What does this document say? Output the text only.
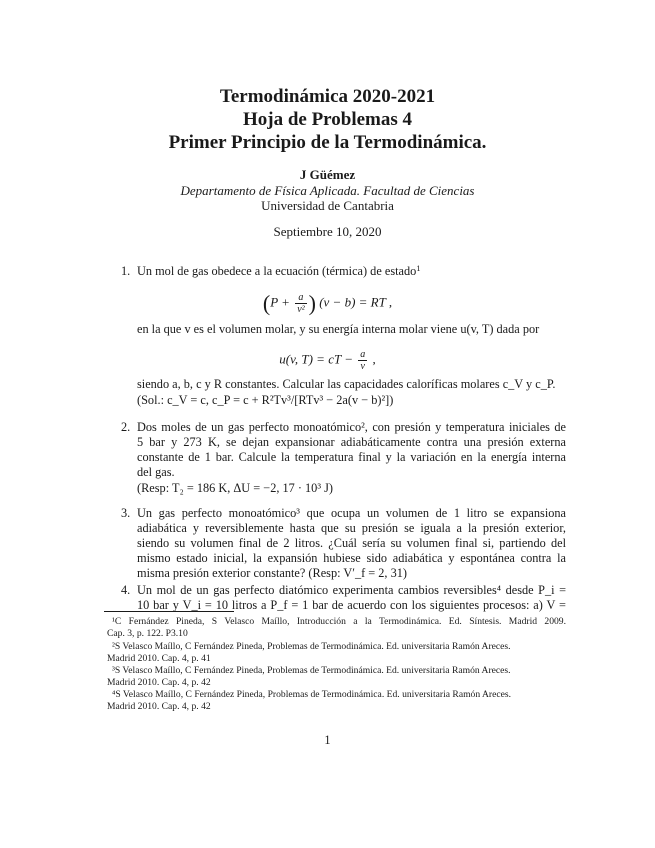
Termodinámica 2020-2021
Hoja de Problemas 4
Primer Principio de la Termodinámica.
J Güémez
Departamento de Física Aplicada. Facultad de Ciencias
Universidad de Cantabria
Septiembre 10, 2020
1. Un mol de gas obedece a la ecuación (térmica) de estado$^1$
($P + \frac{a}{\text{v²}}$ ) (v − b) = RT ,
en la que v es el volumen molar, y su energía interna molar viene u(v, T) dada por
u(v, T) = cT − $\frac{a}{v}$ ,
siendo a, b, c y R constantes. Calcular las capacidades caloríficas molares c_V y c_P.
(Sol.: c_V = c, c_P = c + R²Tv³/[RTv³ − 2a(v − b)²])
2. Dos moles de un gas perfecto monoatómico², con presión y temperatura iniciales de
5 bar y 273 K, se dejan expansionar adiabáticamente contra una presión externa
constante de 1 bar. Calcule la temperatura final y la variación en la energía interna
del gas.
(Resp: T₂ = 186 K, ΔU = −2, 17 · 10³ J)
3. Un gas perfecto monoatómico³ que ocupa un volumen de 1 litro se expansiona
adiabática y reversiblemente hasta que su presión se iguala a la presión exterior,
siendo su volumen final de 2 litros. ¿Cuál sería su volumen final si, partiendo del
mismo estado inicial, la expansión hubiese sido adiabática y espontánea contra la
misma presión exterior constante? (Resp: V′_f = 2, 31)
4. Un mol de un gas perfecto diatómico experimenta cambios reversibles⁴ desde P_i =
10 bar y V_i = 10 litros a P_f = 1 bar de acuerdo con los siguientes procesos: a) V =
¹C Fernández Pineda, S Velasco Maíllo, Introducción a la Termodinámica. Ed. Síntesis. Madrid 2009.
Cap. 3, p. 122. P3.10
²S Velasco Maíllo, C Fernández Pineda, Problemas de Termodinámica. Ed. universitaria Ramón Areces.
Madrid 2010. Cap. 4, p. 41
³S Velasco Maíllo, C Fernández Pineda, Problemas de Termodinámica. Ed. universitaria Ramón Areces.
Madrid 2010. Cap. 4, p. 42
⁴S Velasco Maíllo, C Fernández Pineda, Problemas de Termodinámica. Ed. universitaria Ramón Areces.
Madrid 2010. Cap. 4, p. 42
1
